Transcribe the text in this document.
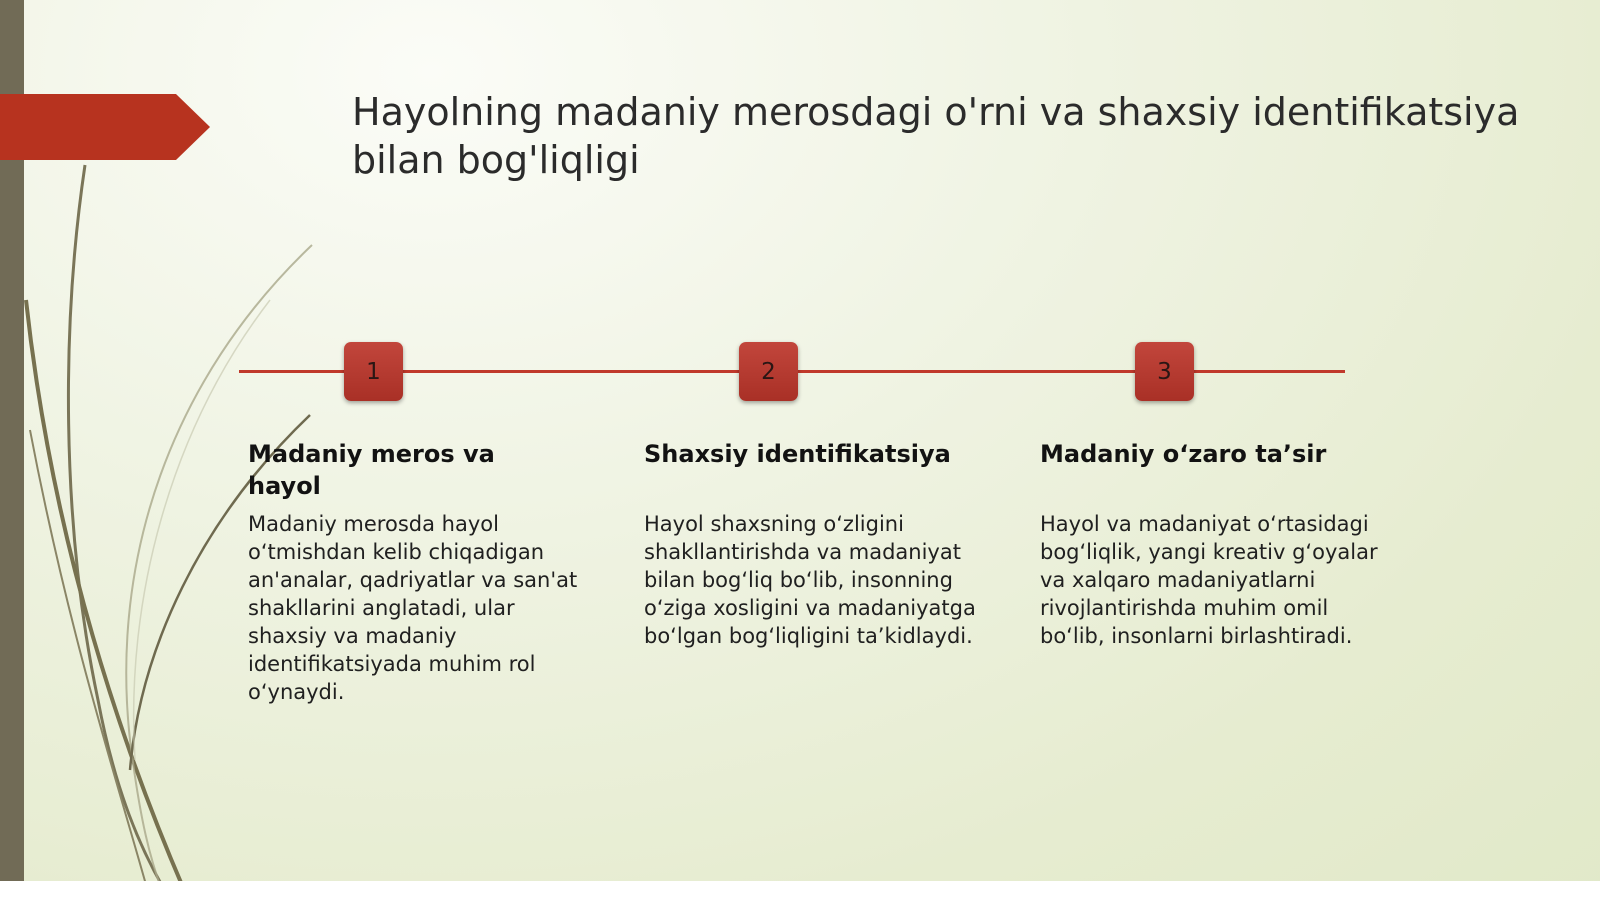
Hayolning madaniy merosdagi o'rni va shaxsiy identifikatsiya bilan bog'liqligi
1	2	3

Madaniy meros va hayol

Madaniy merosda hayol o‘tmishdan kelib chiqadigan an'analar, qadriyatlar va san'at shakllarini anglatadi, ular shaxsiy va madaniy identifikatsiyada muhim rol o‘ynaydi.

Shaxsiy identifikatsiya

Hayol shaxsning o‘zligini shakllantirishda va madaniyat bilan bog‘liq bo‘lib, insonning o‘ziga xosligini va madaniyatga bo‘lgan bog‘liqligini ta’kidlaydi.

Madaniy o‘zaro ta’sir

Hayol va madaniyat o‘rtasidagi bog‘liqlik, yangi kreativ g‘oyalar va xalqaro madaniyatlarni rivojlantirishda muhim omil bo‘lib, insonlarni birlashtiradi.
